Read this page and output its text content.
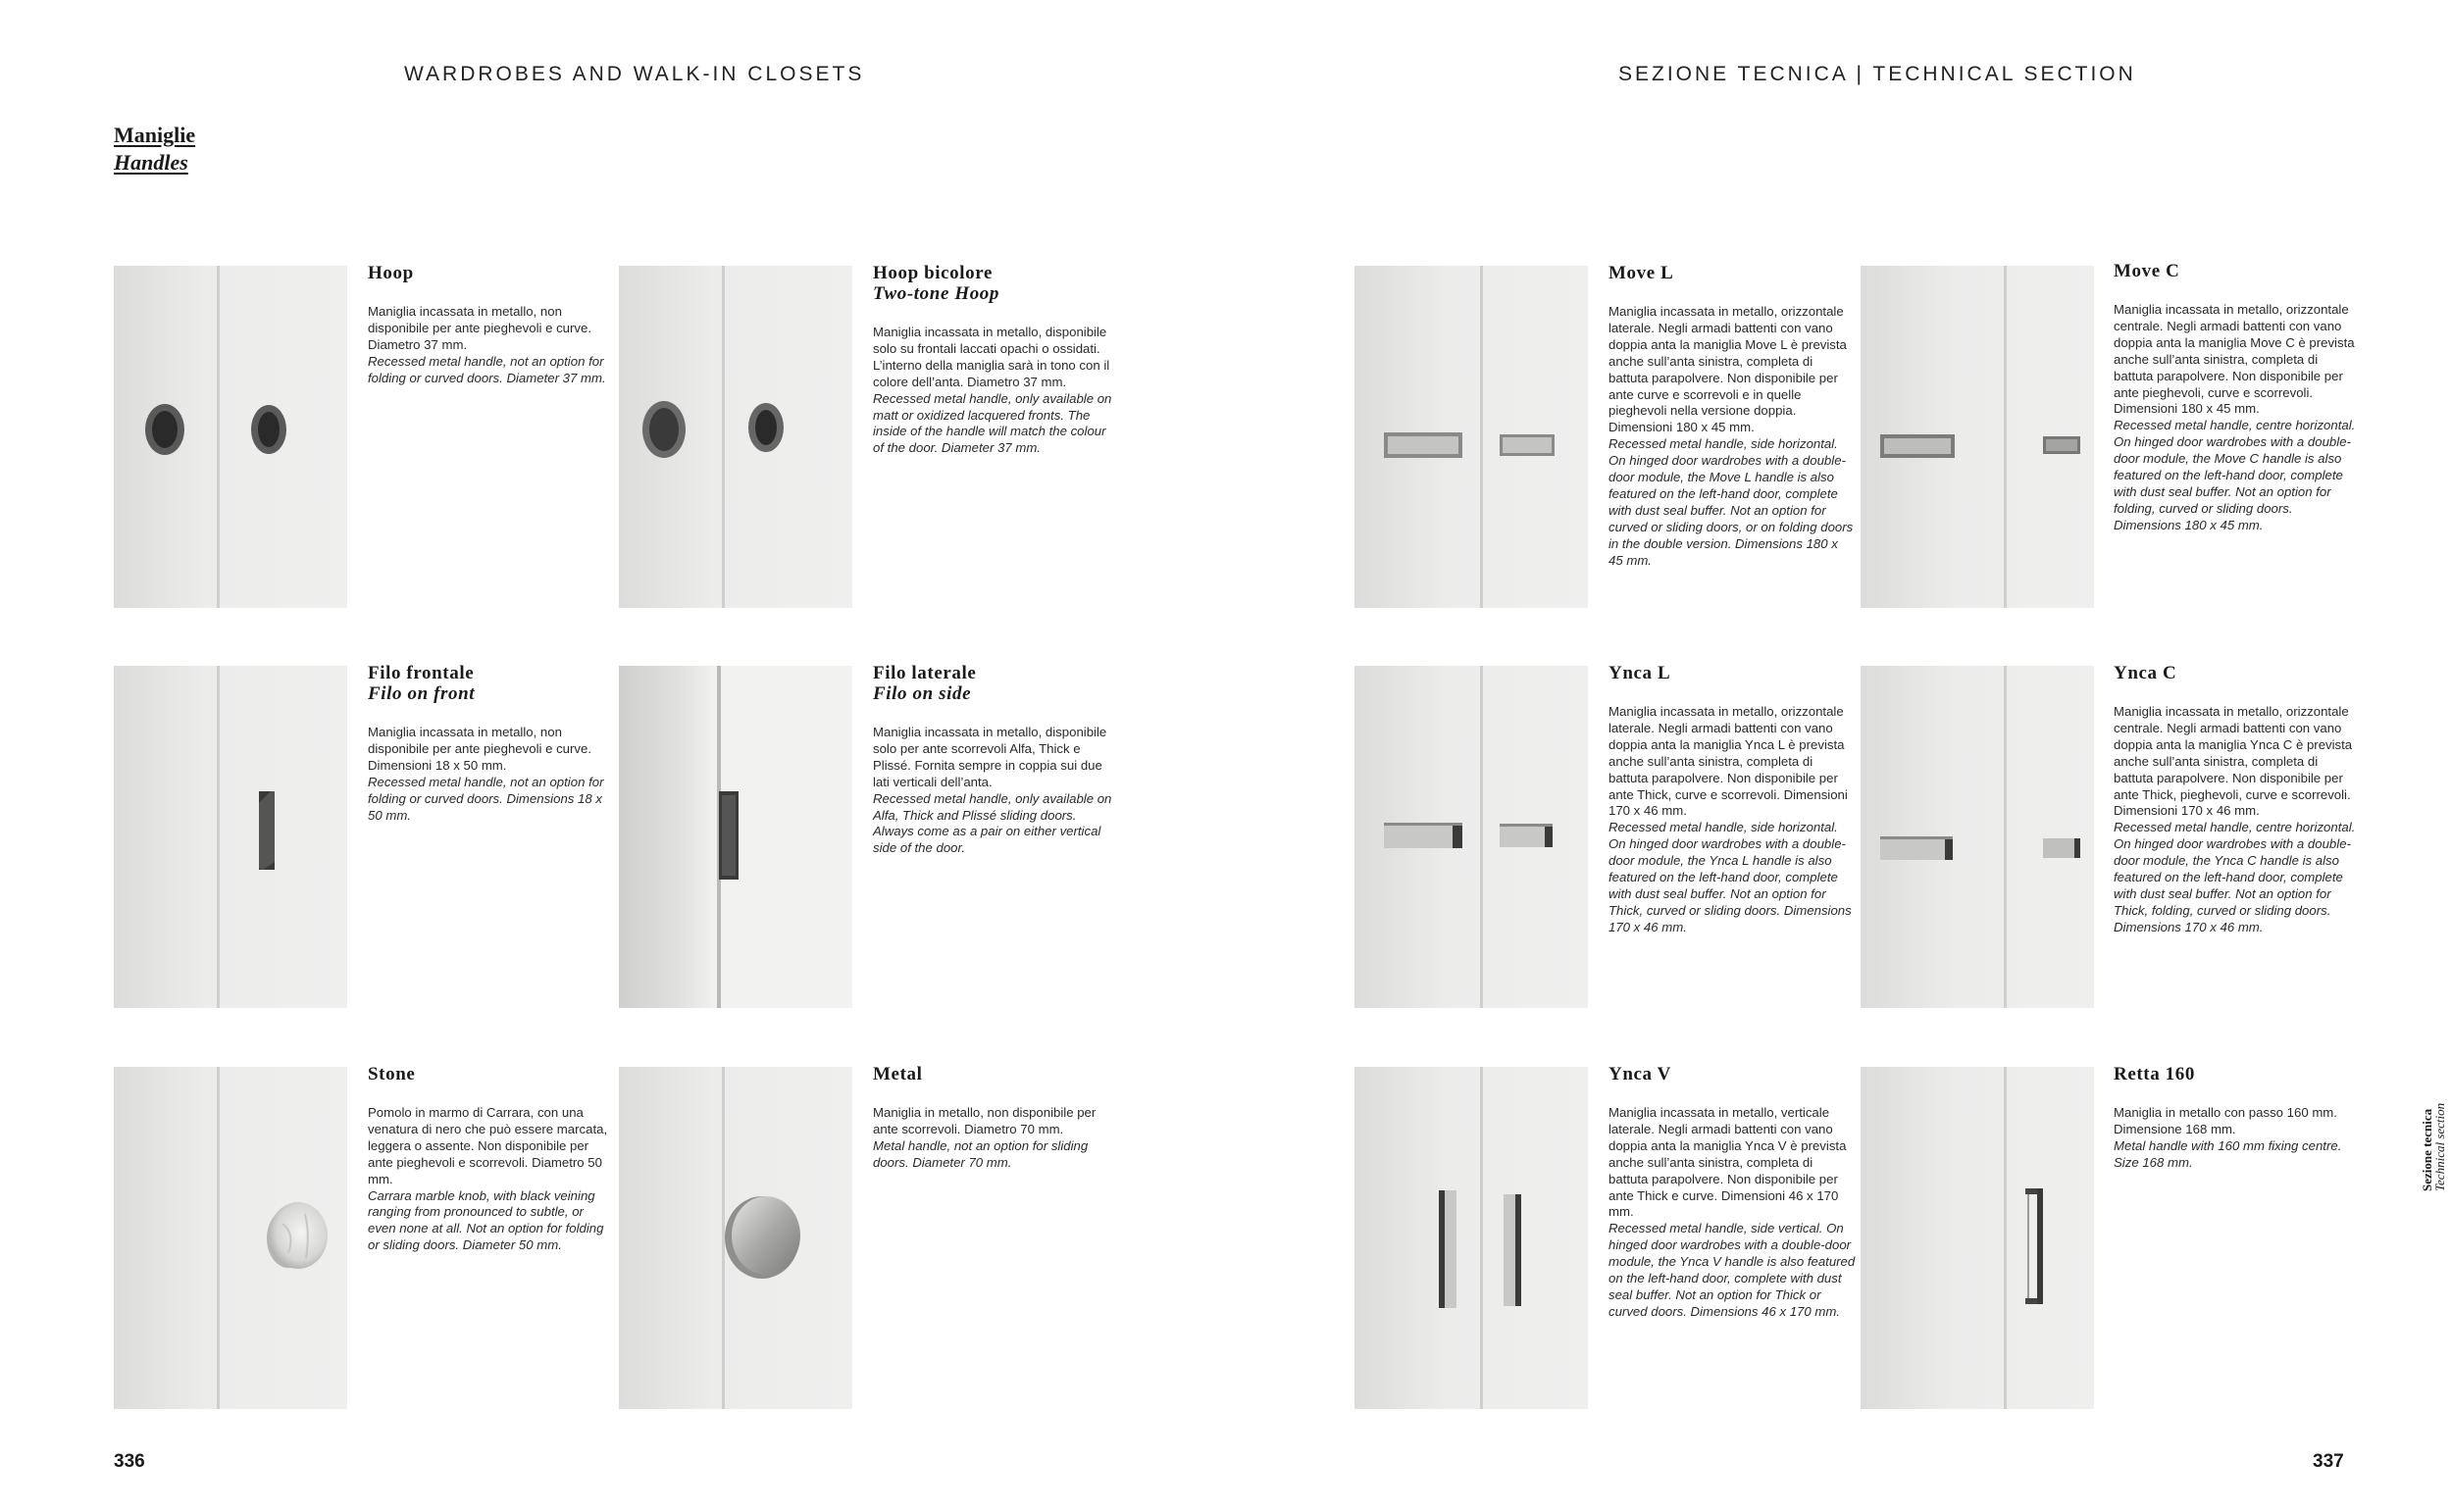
WARDROBES AND WALK-IN CLOSETS	SEZIONE TECNICA | TECHNICAL SECTION
Maniglie
Handles

Hoop

Maniglia incassata in metallo, non disponibile per ante pieghevoli e curve. Diametro 37 mm.
Recessed metal handle, not an option for folding or curved doors. Diameter 37 mm.

Hoop bicolore

Two-tone Hoop

Maniglia incassata in metallo, disponibile solo su frontali laccati opachi o ossidati. L’interno della maniglia sarà in tono con il colore dell’anta. Diametro 37 mm.
Recessed metal handle, only available on matt or oxidized lacquered fronts. The inside of the handle will match the colour of the door. Diameter 37 mm.

Move L

Maniglia incassata in metallo, orizzontale laterale. Negli armadi battenti con vano doppia anta la maniglia Move L è prevista anche sull’anta sinistra, completa di battuta parapolvere. Non disponibile per ante curve e scorrevoli e in quelle pieghevoli nella versione doppia. Dimensioni 180 x 45 mm.
Recessed metal handle, side horizontal. On hinged door wardrobes with a double-door module, the Move L handle is also featured on the left-hand door, complete with dust seal buffer. Not an option for curved or sliding doors, or on folding doors in the double version. Dimensions 180 x 45 mm.

Move C

Maniglia incassata in metallo, orizzontale centrale. Negli armadi battenti con vano doppia anta la maniglia Move C è prevista anche sull’anta sinistra, completa di battuta parapolvere. Non disponibile per ante pieghevoli, curve e scorrevoli. Dimensioni 180 x 45 mm.
Recessed metal handle, centre horizontal. On hinged door wardrobes with a double-door module, the Move C handle is also featured on the left-hand door, complete with dust seal buffer. Not an option for folding, curved or sliding doors. Dimensions 180 x 45 mm.

Filo frontale

Filo on front

Maniglia incassata in metallo, non disponibile per ante pieghevoli e curve. Dimensioni 18 x 50 mm.
Recessed metal handle, not an option for folding or curved doors. Dimensions 18 x 50 mm.

Filo laterale

Filo on side

Maniglia incassata in metallo, disponibile solo per ante scorrevoli Alfa, Thick e Plissé. Fornita sempre in coppia sui due lati verticali dell’anta.
Recessed metal handle, only available on Alfa, Thick and Plissé sliding doors. Always come as a pair on either vertical side of the door.

Ynca L

Maniglia incassata in metallo, orizzontale laterale. Negli armadi battenti con vano doppia anta la maniglia Ynca L è prevista anche sull’anta sinistra, completa di battuta parapolvere. Non disponibile per ante Thick, curve e scorrevoli. Dimensioni 170 x 46 mm.
Recessed metal handle, side horizontal. On hinged door wardrobes with a double-door module, the Ynca L handle is also featured on the left-hand door, complete with dust seal buffer. Not an option for Thick, curved or sliding doors. Dimensions 170 x 46 mm.

Ynca C

Maniglia incassata in metallo, orizzontale centrale. Negli armadi battenti con vano doppia anta la maniglia Ynca C è prevista anche sull’anta sinistra, completa di battuta parapolvere. Non disponibile per ante Thick, pieghevoli, curve e scorrevoli. Dimensioni 170 x 46 mm.
Recessed metal handle, centre horizontal. On hinged door wardrobes with a double-door module, the Ynca C handle is also featured on the left-hand door, complete with dust seal buffer. Not an option for Thick, folding, curved or sliding doors. Dimensions 170 x 46 mm.

Stone

Pomolo in marmo di Carrara, con una venatura di nero che può essere marcata, leggera o assente. Non disponibile per ante pieghevoli e scorrevoli. Diametro 50 mm.
Carrara marble knob, with black veining ranging from pronounced to subtle, or even none at all. Not an option for folding or sliding doors. Diameter 50 mm.

Metal

Maniglia in metallo, non disponibile per ante scorrevoli. Diametro 70 mm.
Metal handle, not an option for sliding doors. Diameter 70 mm.

Ynca V

Maniglia incassata in metallo, verticale laterale. Negli armadi battenti con vano doppia anta la maniglia Ynca V è prevista anche sull’anta sinistra, completa di battuta parapolvere. Non disponibile per ante Thick e curve. Dimensioni 46 x 170 mm.
Recessed metal handle, side vertical. On hinged door wardrobes with a double-door module, the Ynca V handle is also featured on the left-hand door, complete with dust seal buffer. Not an option for Thick or curved doors. Dimensions 46 x 170 mm.

Retta 160

Maniglia in metallo con passo 160 mm. Dimensione 168 mm.
Metal handle with 160 mm fixing centre. Size 168 mm.
336	337
Sezione tecnica
Technical section
